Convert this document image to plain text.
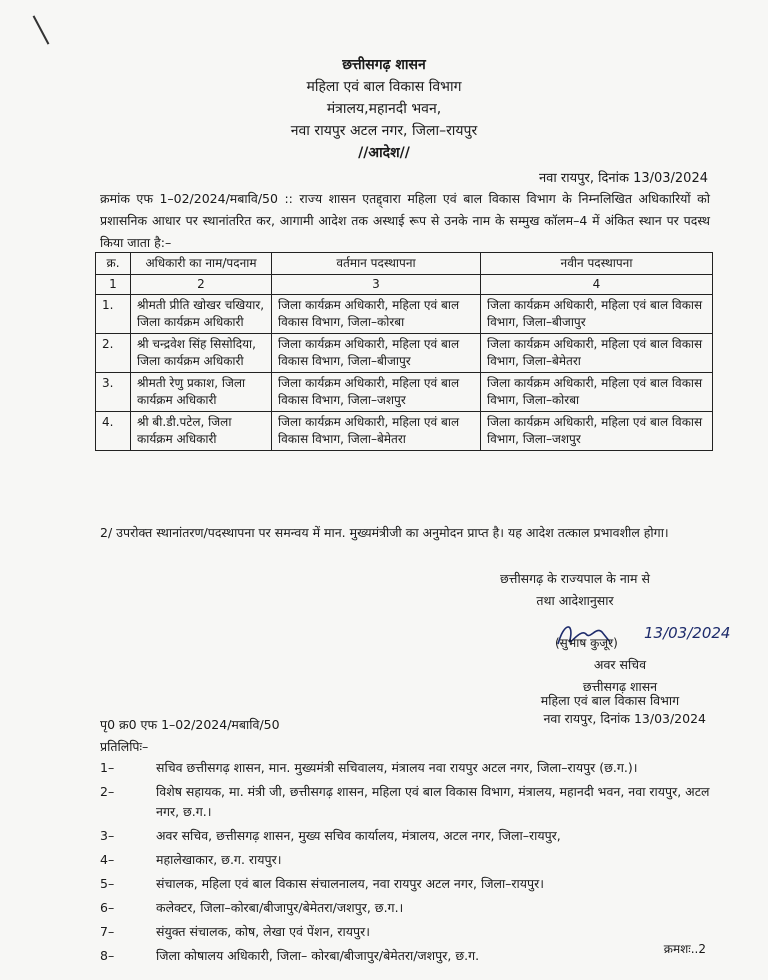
छत्तीसगढ़ शासन
महिला एवं बाल विकास विभाग
मंत्रालय,महानदी भवन,
नवा रायपुर अटल नगर, जिला–रायपुर
//आदेश//
नवा रायपुर, दिनांक 13/03/2024
क्रमांक एफ 1–02/2024/मबावि/50 :: राज्य शासन एतद्द्वारा महिला एवं बाल विकास विभाग के निम्नलिखित अधिकारियों को प्रशासनिक आधार पर स्थानांतरित कर, आगामी आदेश तक अस्थाई रूप से उनके नाम के सम्मुख कॉलम–4 में अंकित स्थान पर पदस्थ किया जाता है:–
क्र.	अधिकारी का नाम/पदनाम	वर्तमान पदस्थापना	नवीन पदस्थापना
1	2	3	4
1.	श्रीमती प्रीति खोखर चखियार, जिला कार्यक्रम अधिकारी	जिला कार्यक्रम अधिकारी, महिला एवं बाल विकास विभाग, जिला–कोरबा	जिला कार्यक्रम अधिकारी, महिला एवं बाल विकास विभाग, जिला–बीजापुर
2.	श्री चन्द्रवेश सिंह सिसोदिया, जिला कार्यक्रम अधिकारी	जिला कार्यक्रम अधिकारी, महिला एवं बाल विकास विभाग, जिला–बीजापुर	जिला कार्यक्रम अधिकारी, महिला एवं बाल विकास विभाग, जिला–बेमेतरा
3.	श्रीमती रेणु प्रकाश, जिला कार्यक्रम अधिकारी	जिला कार्यक्रम अधिकारी, महिला एवं बाल विकास विभाग, जिला–जशपुर	जिला कार्यक्रम अधिकारी, महिला एवं बाल विकास विभाग, जिला–कोरबा
4.	श्री बी.डी.पटेल, जिला कार्यक्रम अधिकारी	जिला कार्यक्रम अधिकारी, महिला एवं बाल विकास विभाग, जिला–बेमेतरा	जिला कार्यक्रम अधिकारी, महिला एवं बाल विकास विभाग, जिला–जशपुर
2/ उपरोक्त स्थानांतरण/पदस्थापना पर समन्वय में मान. मुख्यमंत्रीजी का अनुमोदन प्राप्त है। यह आदेश तत्काल प्रभावशील होगा।
छत्तीसगढ़ के राज्यपाल के नाम से
तथा आदेशानुसार
13/03/2024
(सुभाष कुजूर)
अवर सचिव
छत्तीसगढ़ शासन
महिला एवं बाल विकास विभाग
पृ0 क्र0 एफ 1–02/2024/मबावि/50	नवा रायपुर, दिनांक 13/03/2024
प्रतिलिपिः–
1–	सचिव छत्तीसगढ़ शासन, मान. मुख्यमंत्री सचिवालय, मंत्रालय नवा रायपुर अटल नगर, जिला–रायपुर (छ.ग.)।
2–	विशेष सहायक, मा. मंत्री जी, छत्तीसगढ़ शासन, महिला एवं बाल विकास विभाग, मंत्रालय, महानदी भवन, नवा रायपुर, अटल नगर, छ.ग.।
3–	अवर सचिव, छत्तीसगढ़ शासन, मुख्य सचिव कार्यालय, मंत्रालय, अटल नगर, जिला–रायपुर,
4–	महालेखाकार, छ.ग. रायपुर।
5–	संचालक, महिला एवं बाल विकास संचालनालय, नवा रायपुर अटल नगर, जिला–रायपुर।
6–	कलेक्टर, जिला–कोरबा/बीजापुर/बेमेतरा/जशपुर, छ.ग.।
7–	संयुक्त संचालक, कोष, लेखा एवं पेंशन, रायपुर।
8–	जिला कोषालय अधिकारी, जिला– कोरबा/बीजापुर/बेमेतरा/जशपुर, छ.ग.	क्रमशः..2
